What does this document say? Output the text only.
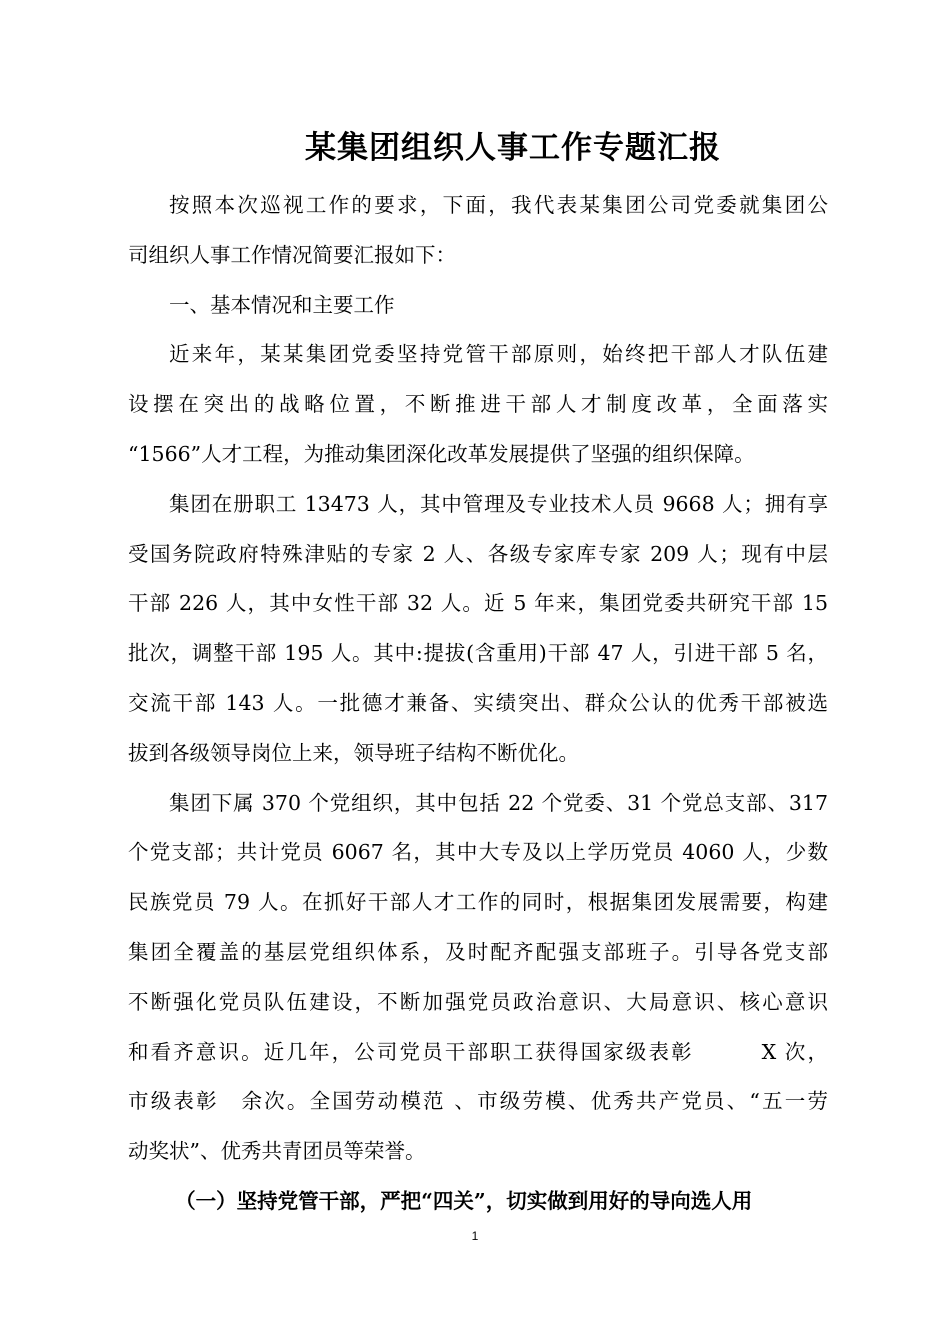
某集团组织人事工作专题汇报

按照本次巡视工作的要求，下面，我代表某集团公司党委就集团公
司组织人事工作情况简要汇报如下：

一、基本情况和主要工作

近来年，某某集团党委坚持党管干部原则，始终把干部人才队伍建
设摆在突出的战略位置，不断推进干部人才制度改革，全面落实
“1566”人才工程，为推动集团深化改革发展提供了坚强的组织保障。

集团在册职工 13473 人，其中管理及专业技术人员 9668 人；拥有享
受国务院政府特殊津贴的专家 2 人、各级专家库专家 209 人；现有中层
干部 226 人，其中女性干部 32 人。近 5 年来，集团党委共研究干部 15
批次，调整干部 195 人。其中:提拔(含重用)干部 47 人，引进干部 5 名，
交流干部 143 人。一批德才兼备、实绩突出、群众公认的优秀干部被选
拔到各级领导岗位上来，领导班子结构不断优化。

集团下属 370 个党组织，其中包括 22 个党委、31 个党总支部、317
个党支部；共计党员 6067 名，其中大专及以上学历党员 4060 人，少数
民族党员 79 人。在抓好干部人才工作的同时，根据集团发展需要，构建
集团全覆盖的基层党组织体系，及时配齐配强支部班子。引导各党支部
不断强化党员队伍建设，不断加强党员政治意识、大局意识、核心意识
和看齐意识。近几年，公司党员干部职工获得国家级表彰　　　X 次，
市级表彰　余次。全国劳动模范 、市级劳模、优秀共产党员、“五一劳
动奖状”、优秀共青团员等荣誉。

（一）坚持党管干部，严把“四关”，切实做到用好的导向选人用

1
